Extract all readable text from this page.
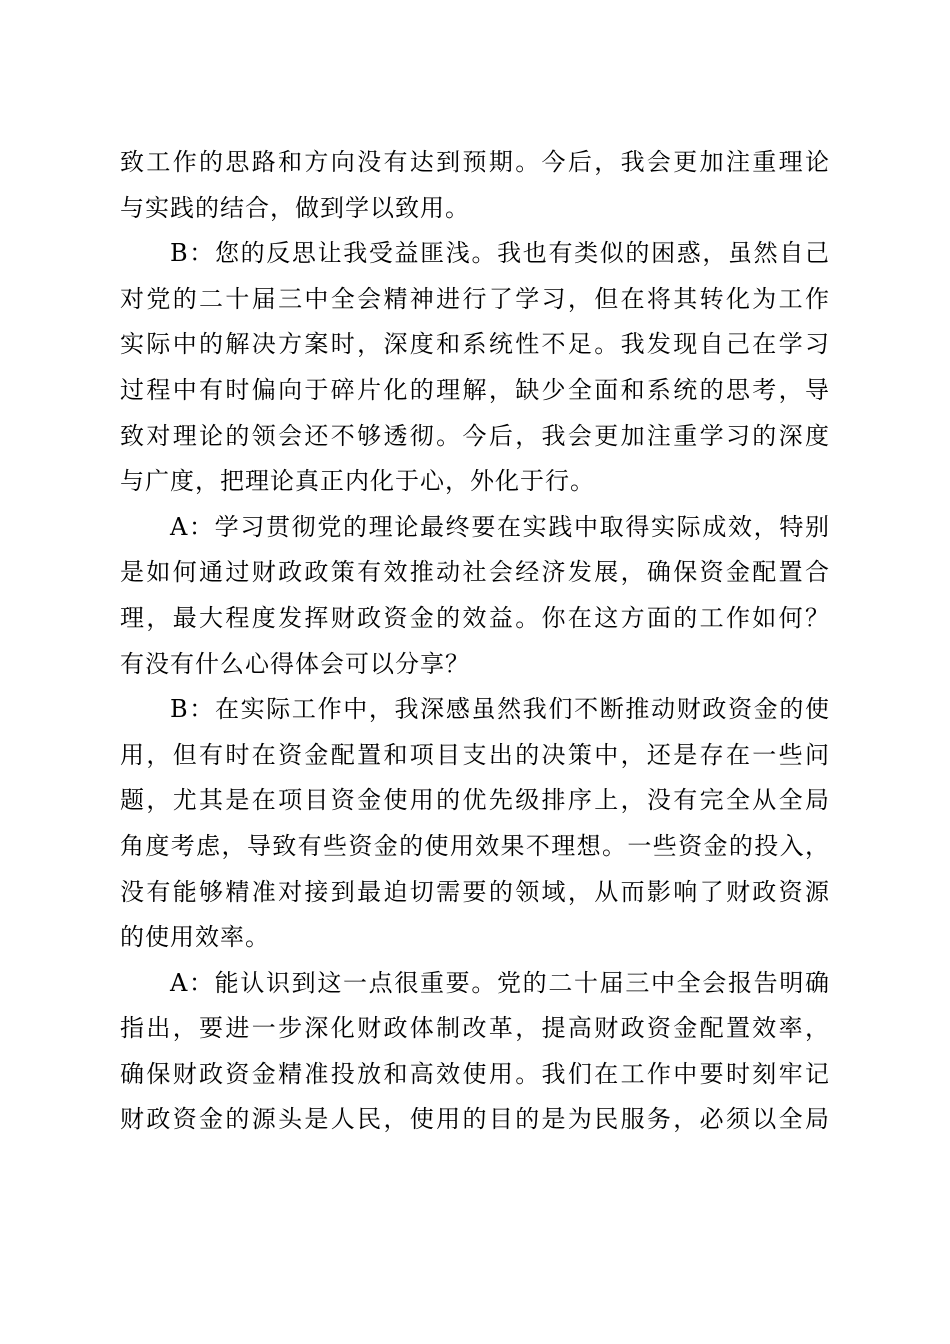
致工作的思路和方向没有达到预期。今后，我会更加注重理论
与实践的结合，做到学以致用。
B：您的反思让我受益匪浅。我也有类似的困惑，虽然自己
对党的二十届三中全会精神进行了学习，但在将其转化为工作
实际中的解决方案时，深度和系统性不足。我发现自己在学习
过程中有时偏向于碎片化的理解，缺少全面和系统的思考，导
致对理论的领会还不够透彻。今后，我会更加注重学习的深度
与广度，把理论真正内化于心，外化于行。
A：学习贯彻党的理论最终要在实践中取得实际成效，特别
是如何通过财政政策有效推动社会经济发展，确保资金配置合
理，最大程度发挥财政资金的效益。你在这方面的工作如何？
有没有什么心得体会可以分享？
B：在实际工作中，我深感虽然我们不断推动财政资金的使
用，但有时在资金配置和项目支出的决策中，还是存在一些问
题，尤其是在项目资金使用的优先级排序上，没有完全从全局
角度考虑，导致有些资金的使用效果不理想。一些资金的投入，
没有能够精准对接到最迫切需要的领域，从而影响了财政资源
的使用效率。
A：能认识到这一点很重要。党的二十届三中全会报告明确
指出，要进一步深化财政体制改革，提高财政资金配置效率，
确保财政资金精准投放和高效使用。我们在工作中要时刻牢记
财政资金的源头是人民，使用的目的是为民服务，必须以全局
